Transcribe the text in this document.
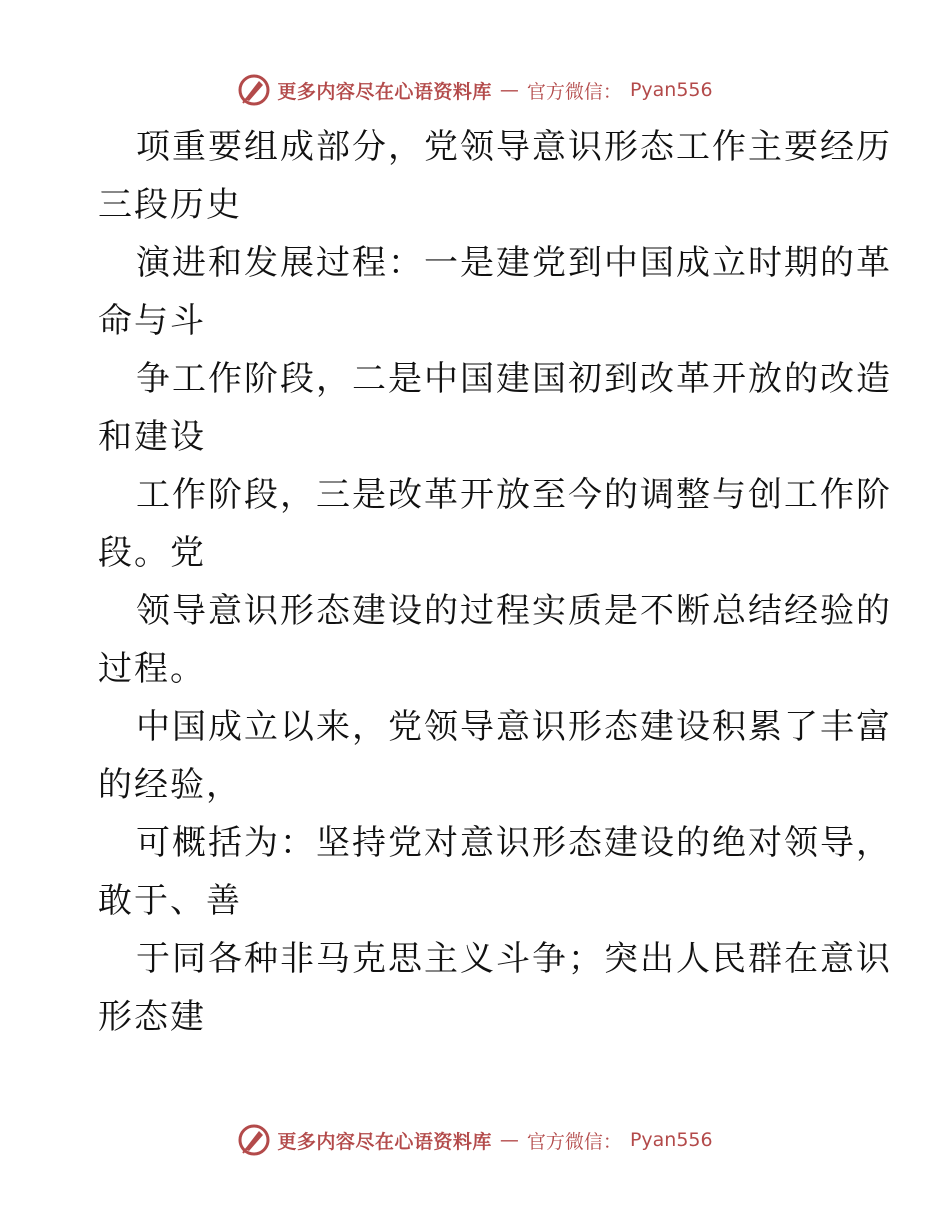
更多内容尽在心语资料库 — 官方微信： Pyan556
项重要组成部分，党领导意识形态工作主要经历
三段历史
演进和发展过程：一是建党到中国成立时期的革
命与斗
争工作阶段，二是中国建国初到改革开放的改造
和建设
工作阶段，三是改革开放至今的调整与创工作阶
段。党
领导意识形态建设的过程实质是不断总结经验的
过程。
中国成立以来，党领导意识形态建设积累了丰富
的经验，
可概括为：坚持党对意识形态建设的绝对领导，
敢于、善
于同各种非马克思主义斗争；突出人民群在意识
形态建
更多内容尽在心语资料库 — 官方微信： Pyan556
